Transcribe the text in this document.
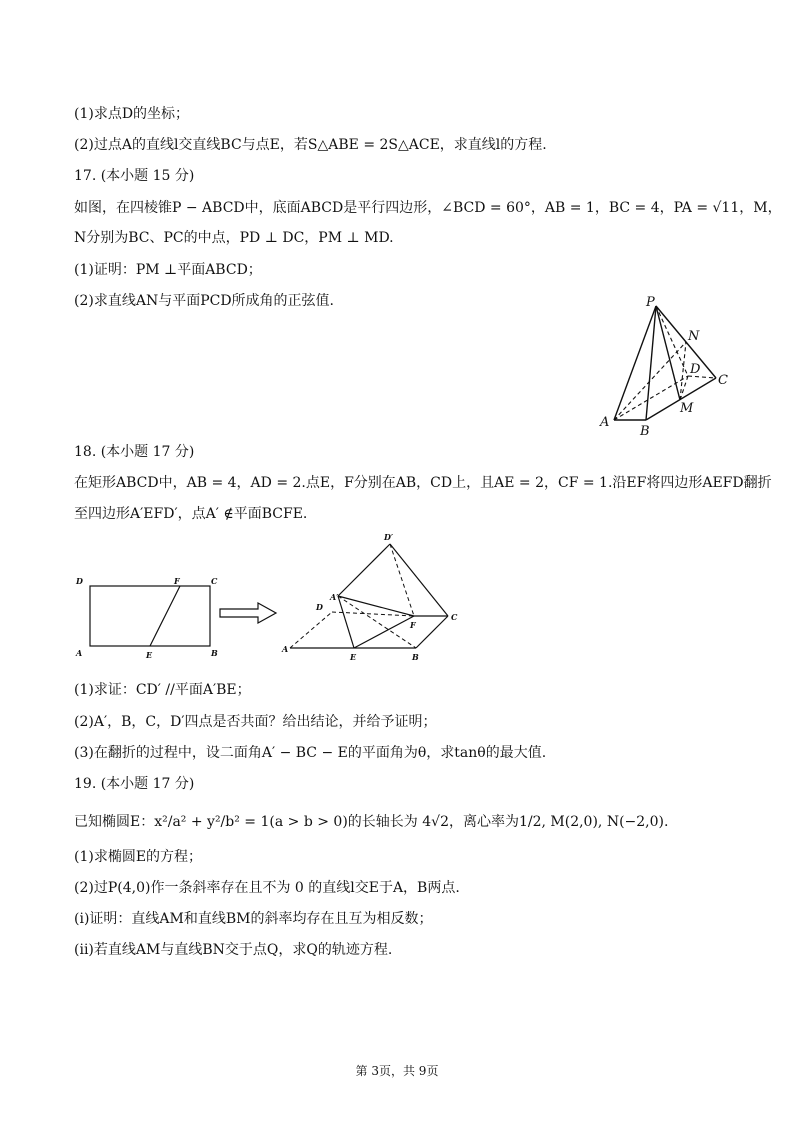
(1)求点D的坐标；
(2)过点A的直线l交直线BC与点E，若S△ABE = 2S△ACE，求直线l的方程.
17. (本小题 15 分)
如图，在四棱锥P − ABCD中，底面ABCD是平行四边形，∠BCD = 60°，AB = 1，BC = 4，PA = √11，M，
N分别为BC、PC的中点，PD ⊥ DC，PM ⊥ MD.
(1)证明：PM ⊥平面ABCD；
(2)求直线AN与平面PCD所成角的正弦值.	P
N
D
C
M
A
B
18. (本小题 17 分)
在矩形ABCD中，AB = 4，AD = 2.点E，F分别在AB，CD上，且AE = 2，CF = 1.沿EF将四边形AEFD翻折
至四边形A′EFD′，点A′ ∉平面BCFE.
D	F	C
A	E	B
D′
A′
D
F
C
A
E	B
(1)求证：CD′ //平面A′BE；
(2)A′，B，C，D′四点是否共面？给出结论，并给予证明；
(3)在翻折的过程中，设二面角A′ − BC − E的平面角为θ，求tanθ的最大值.
19. (本小题 17 分)
已知椭圆E：x²/a² + y²/b² = 1(a > b > 0)的长轴长为 4√2，离心率为1/2, M(2,0), N(−2,0).
(1)求椭圆E的方程；
(2)过P(4,0)作一条斜率存在且不为 0 的直线l交E于A，B两点.
(i)证明：直线AM和直线BM的斜率均存在且互为相反数；
(ii)若直线AM与直线BN交于点Q，求Q的轨迹方程.
第 3页，共 9页
